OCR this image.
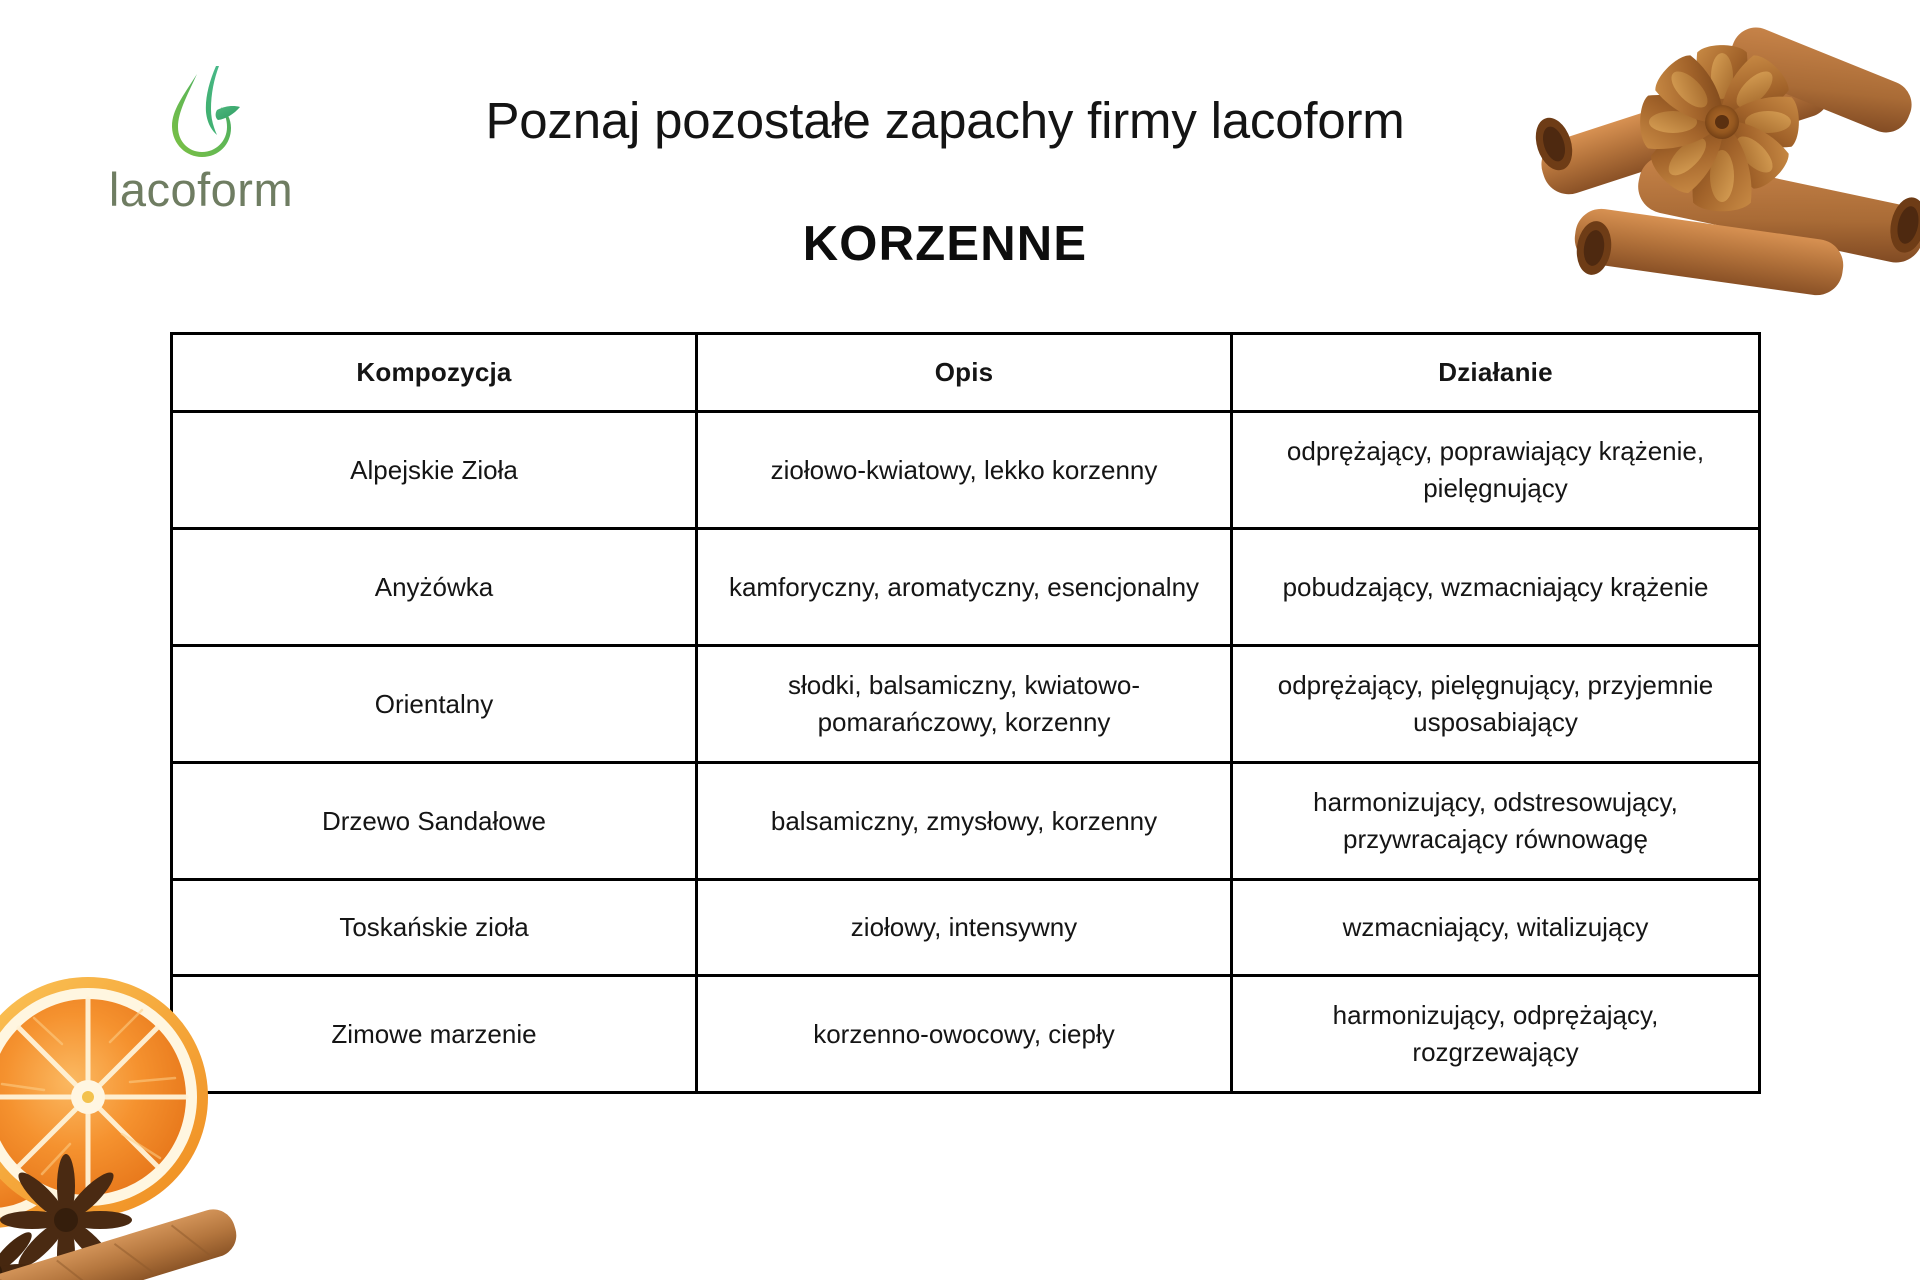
lacoform
Poznaj pozostałe zapachy firmy lacoform
KORZENNE
Kompozycja	Opis	Działanie
Alpejskie Zioła	ziołowo-kwiatowy, lekko korzenny	odprężający, poprawiający krążenie, pielęgnujący
Anyżówka	kamforyczny, aromatyczny, esencjonalny	pobudzający, wzmacniający krążenie
Orientalny	słodki, balsamiczny, kwiatowo-pomarańczowy, korzenny	odprężający, pielęgnujący, przyjemnie usposabiający
Drzewo Sandałowe	balsamiczny, zmysłowy, korzenny	harmonizujący, odstresowujący, przywracający równowagę
Toskańskie zioła	ziołowy, intensywny	wzmacniający, witalizujący
Zimowe marzenie	korzenno-owocowy, ciepły	harmonizujący, odprężający, rozgrzewający
